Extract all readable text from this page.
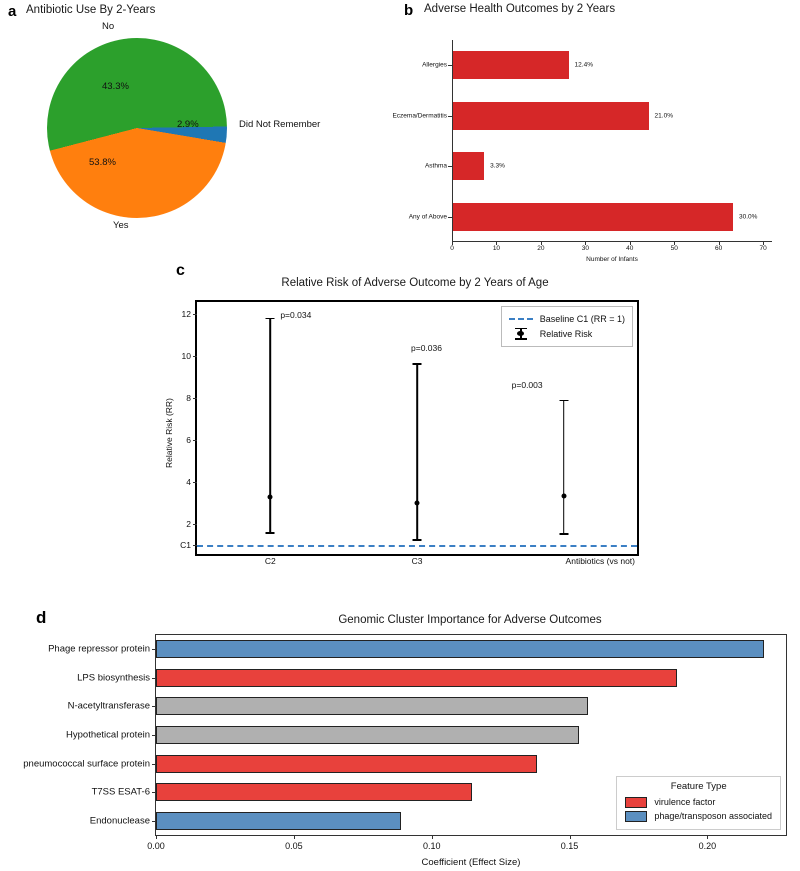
a Antibiotic Use By 2-Years
No
Yes
Did Not Remember
43.3%
53.8%
2.9%
b Adverse Health Outcomes by 2 Years
Allergies
Eczema/Dermatitis
Asthma
Any of Above
12.4%
21.0%
3.3%
30.0%
0	10	20	30	40	50	60	70
Number of Infants
c
Relative Risk of Adverse Outcome by 2 Years of Age
Relative Risk (RR)
C1
2
4
6
8
10
12
C2	C3	Antibiotics (vs not)
p=0.034
p=0.036
p=0.003
Baseline C1 (RR = 1)
Relative Risk
d	Genomic Cluster Importance for Adverse Outcomes
Phage repressor protein
LPS biosynthesis
N-acetyltransferase
Hypothetical protein
pneumococcal surface protein
T7SS ESAT-6
Endonuclease
0.00	0.05	0.10	0.15	0.20
Coefficient (Effect Size)
Feature Type
virulence factor
phage/transposon associated
